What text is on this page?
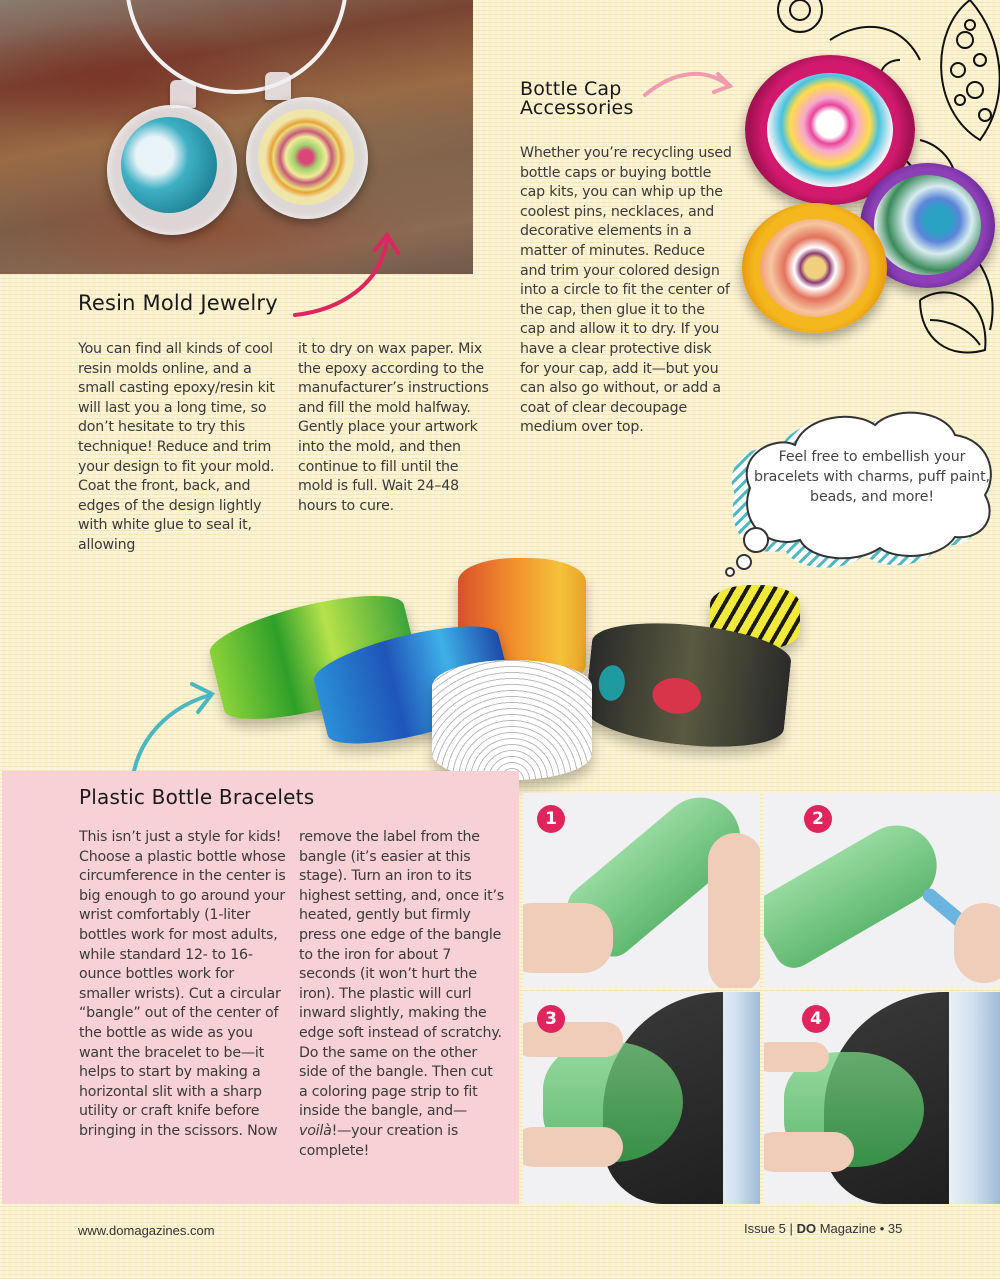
Resin Mold Jewelry

You can find all kinds of cool resin molds online, and a small casting epoxy/resin kit will last you a long time, so don’t hesitate to try this technique! Reduce and trim your design to fit your mold. Coat the front, back, and edges of the design lightly with white glue to seal it, allowing

it to dry on wax paper. Mix the epoxy according to the manufacturer’s instructions and fill the mold halfway. Gently place your artwork into the mold, and then continue to fill until the mold is full. Wait 24–48 hours to cure.

Bottle Cap
Accessories

Whether you’re recycling used bottle caps or buying bottle cap kits, you can whip up the coolest pins, necklaces, and decorative elements in a matter of minutes. Reduce and trim your colored design into a circle to fit the center of the cap, then glue it to the cap and allow it to dry. If you have a clear protective disk for your cap, add it—but you can also go without, or add a coat of clear decoupage medium over top.

Feel free to embellish your bracelets with charms, puff paint, beads, and more!
Plastic Bottle Bracelets

This isn’t just a style for kids! Choose a plastic bottle whose circumference in the center is big enough to go around your wrist comfortably (1-liter bottles work for most adults, while standard 12- to 16-ounce bottles work for smaller wrists). Cut a circular “bangle” out of the center of the bottle as wide as you want the bracelet to be—it helps to start by making a horizontal slit with a sharp utility or craft knife before bringing in the scissors. Now

remove the label from the bangle (it’s easier at this stage). Turn an iron to its highest setting, and, once it’s heated, gently but firmly press one edge of the bangle to the iron for about 7 seconds (it won’t hurt the iron). The plastic will curl inward slightly, making the edge soft instead of scratchy. Do the same on the other side of the bangle. Then cut a coloring page strip to fit inside the bangle, and—voilà!—your creation is complete!

1	2
3	4
www.domagazines.com	Issue 5 | DO Magazine • 35
